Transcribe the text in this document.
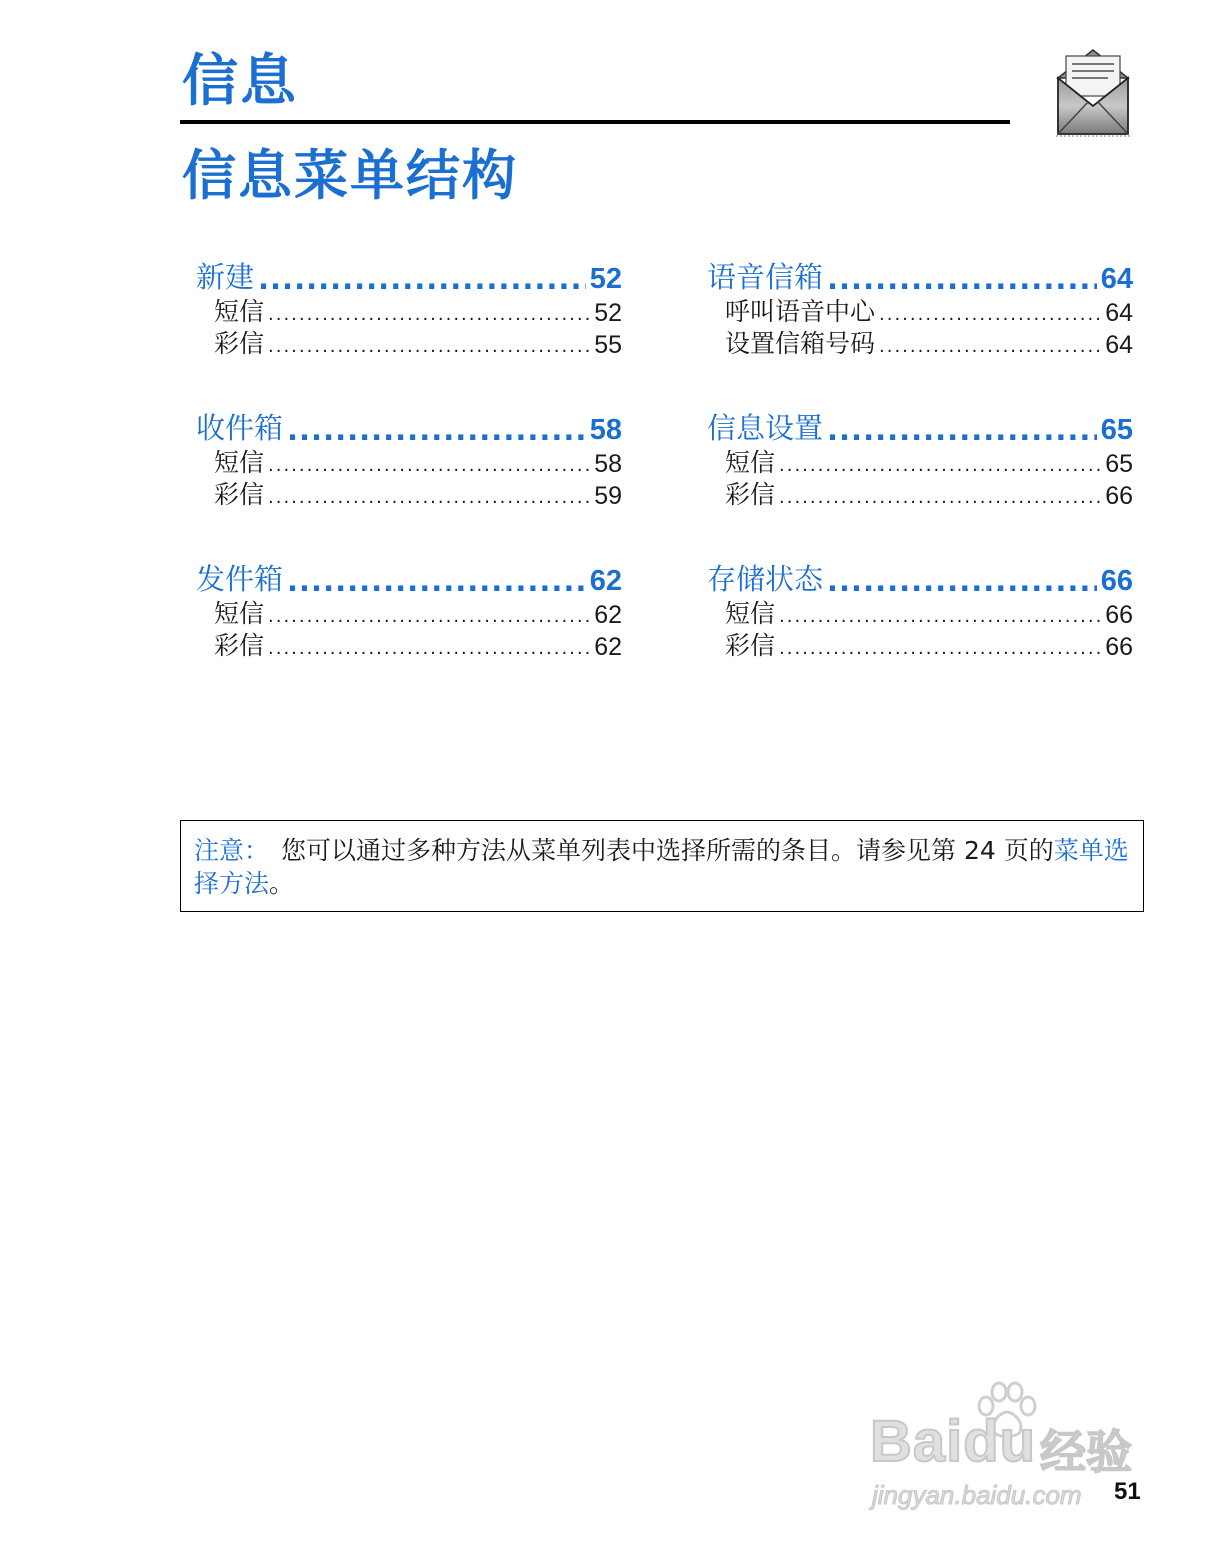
信息
信息菜单结构
新建 .....	52
短信 .....	52
彩信 .....	55
收件箱 .....	58
短信 .....	58
彩信 .....	59
发件箱 .....	62
短信 .....	62
彩信 .....	62
语音信箱 .....	64
呼叫语音中心 .....	64
设置信箱号码 .....	64
信息设置 .....	65
短信 .....	65
彩信 .....	66
存储状态 .....	66
短信 .....	66
彩信 .....	66
注意： 您可以通过多种方法从菜单列表中选择所需的条目。请参见第 24 页的菜单选择方法。
Baidu 经验
jingyan.baidu.com 51
